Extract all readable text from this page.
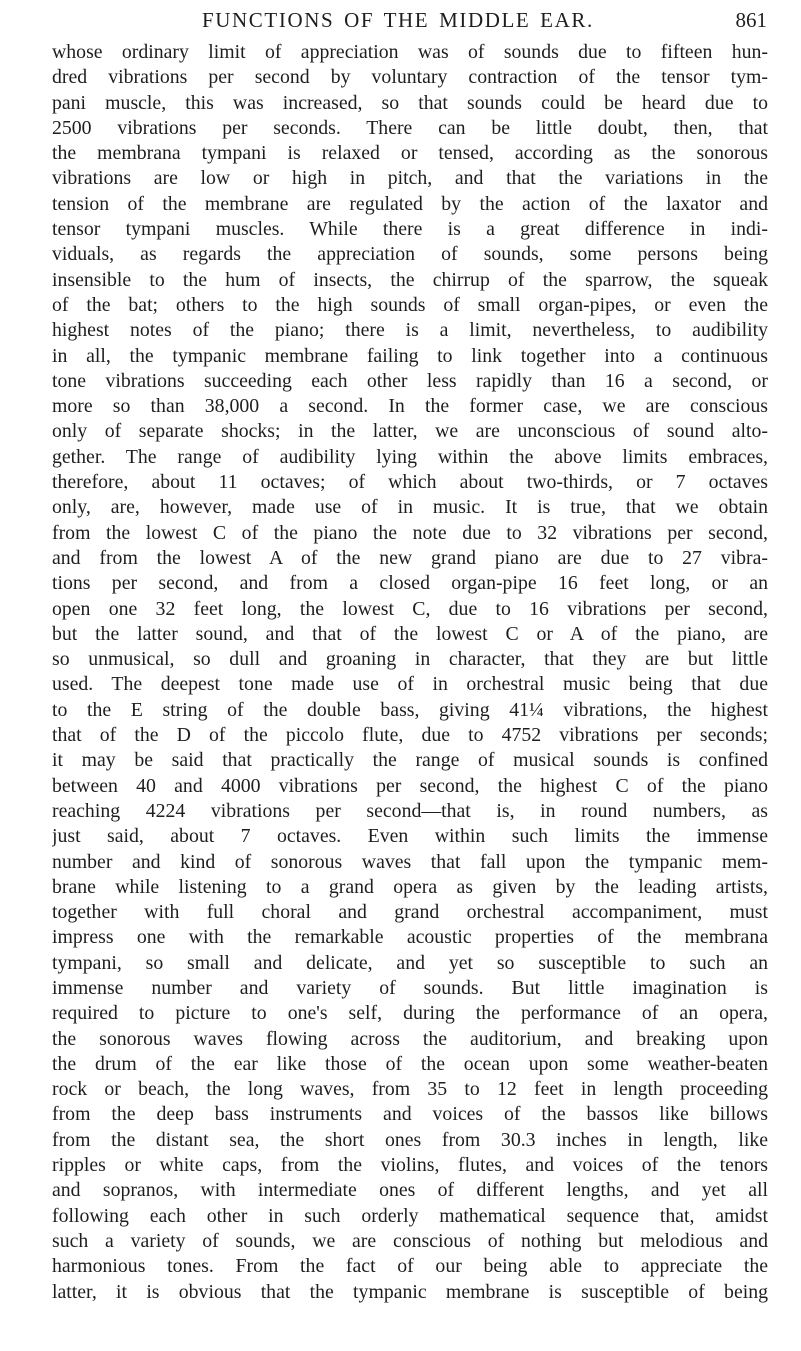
FUNCTIONS OF THE MIDDLE EAR.	861
whose ordinary limit of appreciation was of sounds due to fifteen hun-
dred vibrations per second by voluntary contraction of the tensor tym-
pani muscle, this was increased, so that sounds could be heard due to
2500 vibrations per seconds. There can be little doubt, then, that
the membrana tympani is relaxed or tensed, according as the sonorous
vibrations are low or high in pitch, and that the variations in the
tension of the membrane are regulated by the action of the laxator and
tensor tympani muscles. While there is a great difference in indi-
viduals, as regards the appreciation of sounds, some persons being
insensible to the hum of insects, the chirrup of the sparrow, the squeak
of the bat; others to the high sounds of small organ-pipes, or even the
highest notes of the piano; there is a limit, nevertheless, to audibility
in all, the tympanic membrane failing to link together into a continuous
tone vibrations succeeding each other less rapidly than 16 a second, or
more so than 38,000 a second. In the former case, we are conscious
only of separate shocks; in the latter, we are unconscious of sound alto-
gether. The range of audibility lying within the above limits embraces,
therefore, about 11 octaves; of which about two-thirds, or 7 octaves
only, are, however, made use of in music. It is true, that we obtain
from the lowest C of the piano the note due to 32 vibrations per second,
and from the lowest A of the new grand piano are due to 27 vibra-
tions per second, and from a closed organ-pipe 16 feet long, or an
open one 32 feet long, the lowest C, due to 16 vibrations per second,
but the latter sound, and that of the lowest C or A of the piano, are
so unmusical, so dull and groaning in character, that they are but little
used. The deepest tone made use of in orchestral music being that due
to the E string of the double bass, giving 41¼ vibrations, the highest
that of the D of the piccolo flute, due to 4752 vibrations per seconds;
it may be said that practically the range of musical sounds is confined
between 40 and 4000 vibrations per second, the highest C of the piano
reaching 4224 vibrations per second—that is, in round numbers, as
just said, about 7 octaves. Even within such limits the immense
number and kind of sonorous waves that fall upon the tympanic mem-
brane while listening to a grand opera as given by the leading artists,
together with full choral and grand orchestral accompaniment, must
impress one with the remarkable acoustic properties of the membrana
tympani, so small and delicate, and yet so susceptible to such an
immense number and variety of sounds. But little imagination is
required to picture to one's self, during the performance of an opera,
the sonorous waves flowing across the auditorium, and breaking upon
the drum of the ear like those of the ocean upon some weather-beaten
rock or beach, the long waves, from 35 to 12 feet in length proceeding
from the deep bass instruments and voices of the bassos like billows
from the distant sea, the short ones from 30.3 inches in length, like
ripples or white caps, from the violins, flutes, and voices of the tenors
and sopranos, with intermediate ones of different lengths, and yet all
following each other in such orderly mathematical sequence that, amidst
such a variety of sounds, we are conscious of nothing but melodious and
harmonious tones. From the fact of our being able to appreciate the
latter, it is obvious that the tympanic membrane is susceptible of being
